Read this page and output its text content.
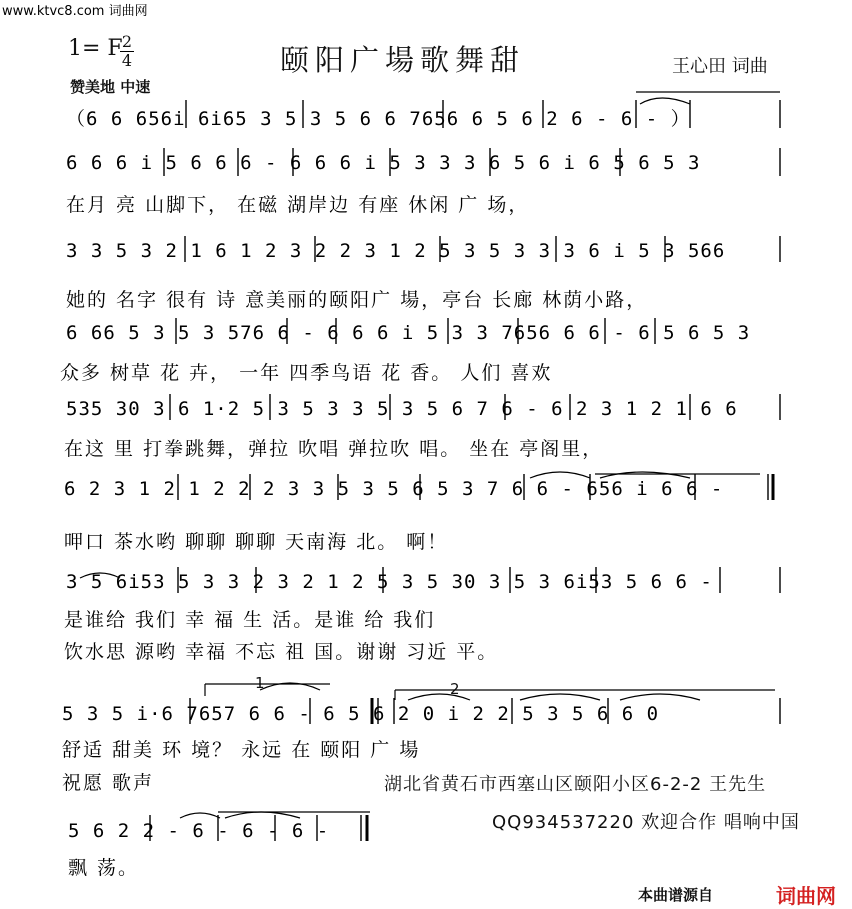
www.ktvc8.com 词曲网
1= F 2
4	颐阳广場歌舞甜	王心田 词曲
赞美地 中速
（6 6 656i 6i65 3 5 3 5 6 6 7656 6 5 6 2 6 - 6 - ）
6 6 6 i 5 6 6 6 - 6 6 6 i 5 3 3 3 6 5 6 i 6 5 6 5 3
在月 亮 山脚下， 在磁 湖岸边 有座 休闲 广 场，
3 3 5 3 2 1 6 1 2 3 2 2 3 1 2 5 3 5 3 3 3 6 i 5 3 566
她的 名字 很有 诗 意美丽的颐阳广 場，亭台 长廊 林荫小路，
6 66 5 3 5 3 576 6 - 6 6 6 i 5 3 3 7656 6 6 - 6 5 6 5 3
众多 树草 花 卉， 一年 四季鸟语 花 香。 人们 喜欢
535 30 3 6 1·2 5 3 5 3 3 5 3 5 6 7 6 - 6 2 3 1 2 1 6 6
在这 里 打拳跳舞，弹拉 吹唱 弹拉吹 唱。 坐在 亭阁里，
6 2 3 1 2 1 2 2 2 3 3 5 3 5 6 5 3 7 6 6 - 656 i 6 6 -
呷口 茶水哟 聊聊 聊聊 天南海 北。 啊！
3 5 6i53 5 3 3 2 3 2 1 2 5 3 5 30 3 5 3 6i53 5 6 6 -
是谁给 我们 幸 福 生 活。是谁 给 我们
饮水思 源哟 幸福 不忘 祖 国。谢谢 习近 平。
1	2
5 3 5 i·6 7657 6 6 - 6 5 6 2 0 i 2 2 5 3 5 6 6 0
舒适 甜美 环 境？ 永远 在 颐阳 广 場
祝愿 歌声	湖北省黄石市西塞山区颐阳小区6-2-2 王先生
QQ934537220 欢迎合作 唱响中国
5 6 2 2 - 6 - 6 - 6 -
飘 荡。
本曲谱源自	词曲网
